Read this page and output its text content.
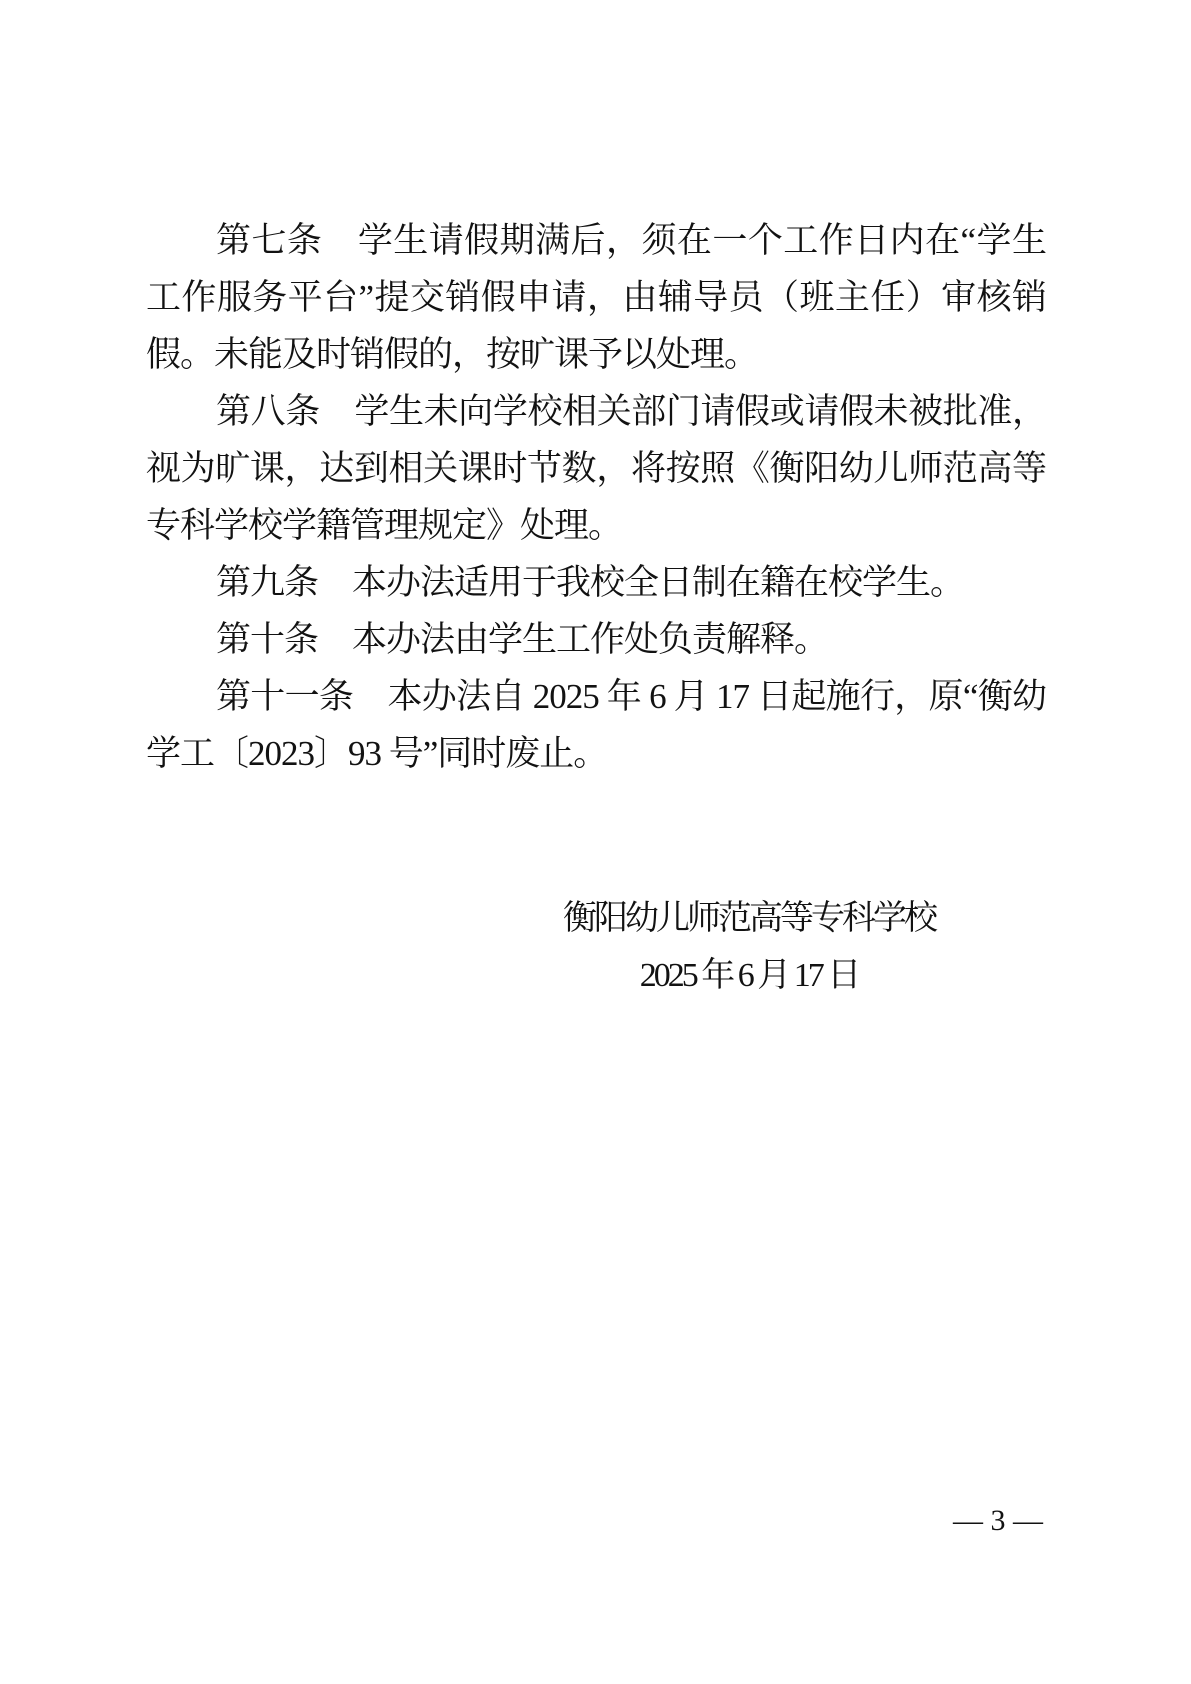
第七条　学生请假期满后，须在一个工作日内在“学生工作服务平台”提交销假申请，由辅导员（班主任）审核销假。未能及时销假的，按旷课予以处理。

第八条　学生未向学校相关部门请假或请假未被批准，视为旷课，达到相关课时节数，将按照《衡阳幼儿师范高等专科学校学籍管理规定》处理。

第九条　本办法适用于我校全日制在籍在校学生。

第十条　本办法由学生工作处负责解释。

第十一条　本办法自 2025 年 6 月 17 日起施行，原“衡幼学工〔2023〕93 号”同时废止。

衡阳幼儿师范高等专科学校
2025 年 6 月 17 日
— 3 —
